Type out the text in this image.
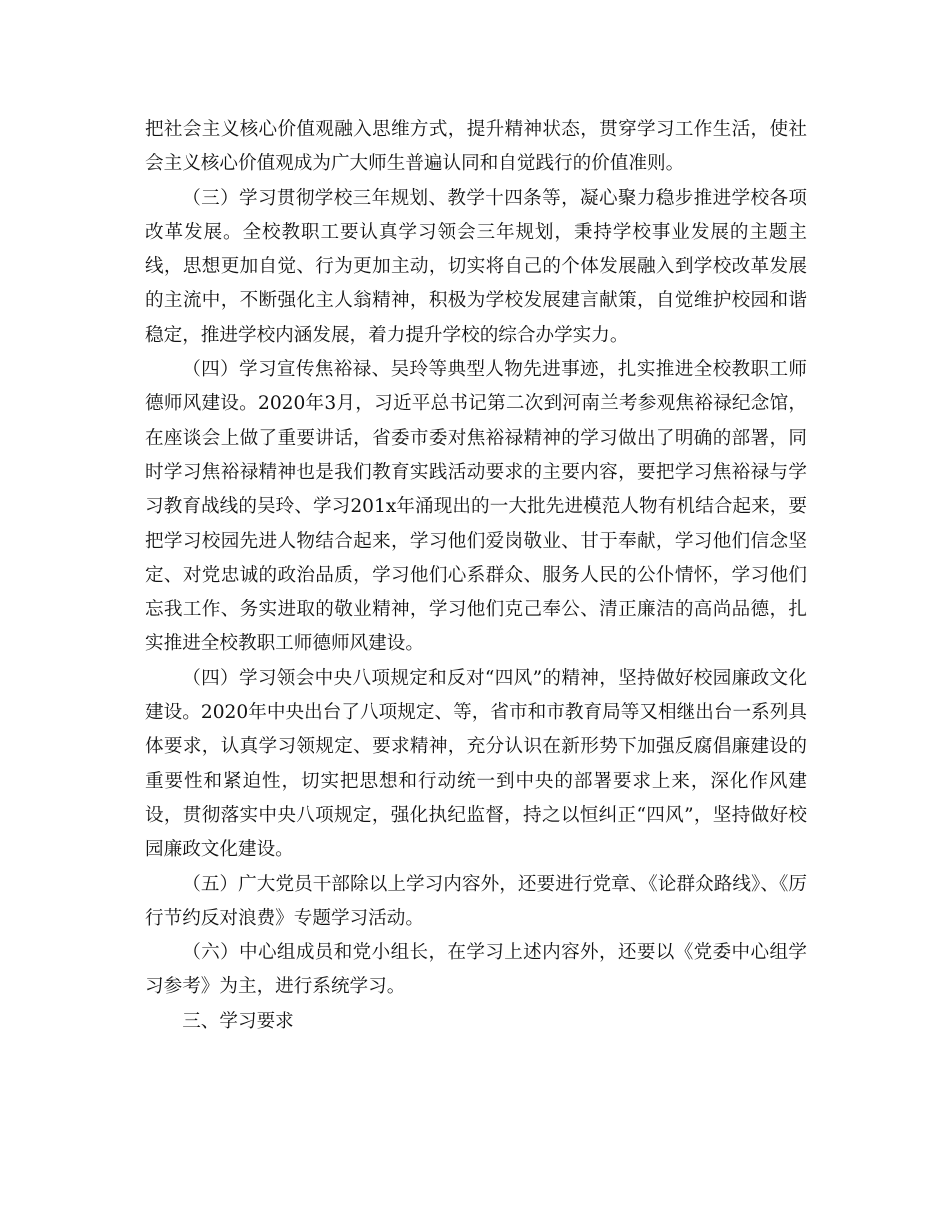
把社会主义核心价值观融入思维方式，提升精神状态，贯穿学习工作生活，使社会主义核心价值观成为广大师生普遍认同和自觉践行的价值准则。

（三）学习贯彻学校三年规划、教学十四条等，凝心聚力稳步推进学校各项改革发展。全校教职工要认真学习领会三年规划，秉持学校事业发展的主题主线，思想更加自觉、行为更加主动，切实将自己的个体发展融入到学校改革发展的主流中，不断强化主人翁精神，积极为学校发展建言献策，自觉维护校园和谐稳定，推进学校内涵发展，着力提升学校的综合办学实力。

（四）学习宣传焦裕禄、吴玲等典型人物先进事迹，扎实推进全校教职工师德师风建设。2020年3月，习近平总书记第二次到河南兰考参观焦裕禄纪念馆，在座谈会上做了重要讲话，省委市委对焦裕禄精神的学习做出了明确的部署，同时学习焦裕禄精神也是我们教育实践活动要求的主要内容，要把学习焦裕禄与学习教育战线的吴玲、学习201x年涌现出的一大批先进模范人物有机结合起来，要把学习校园先进人物结合起来，学习他们爱岗敬业、甘于奉献，学习他们信念坚定、对党忠诚的政治品质，学习他们心系群众、服务人民的公仆情怀，学习他们忘我工作、务实进取的敬业精神，学习他们克己奉公、清正廉洁的高尚品德，扎实推进全校教职工师德师风建设。

（四）学习领会中央八项规定和反对“四风”的精神，坚持做好校园廉政文化建设。2020年中央出台了八项规定、等，省市和市教育局等又相继出台一系列具体要求，认真学习领规定、要求精神，充分认识在新形势下加强反腐倡廉建设的重要性和紧迫性，切实把思想和行动统一到中央的部署要求上来，深化作风建设，贯彻落实中央八项规定，强化执纪监督，持之以恒纠正“四风”，坚持做好校园廉政文化建设。

（五）广大党员干部除以上学习内容外，还要进行党章、《论群众路线》、《厉行节约反对浪费》专题学习活动。

（六）中心组成员和党小组长，在学习上述内容外，还要以《党委中心组学习参考》为主，进行系统学习。

三、学习要求
